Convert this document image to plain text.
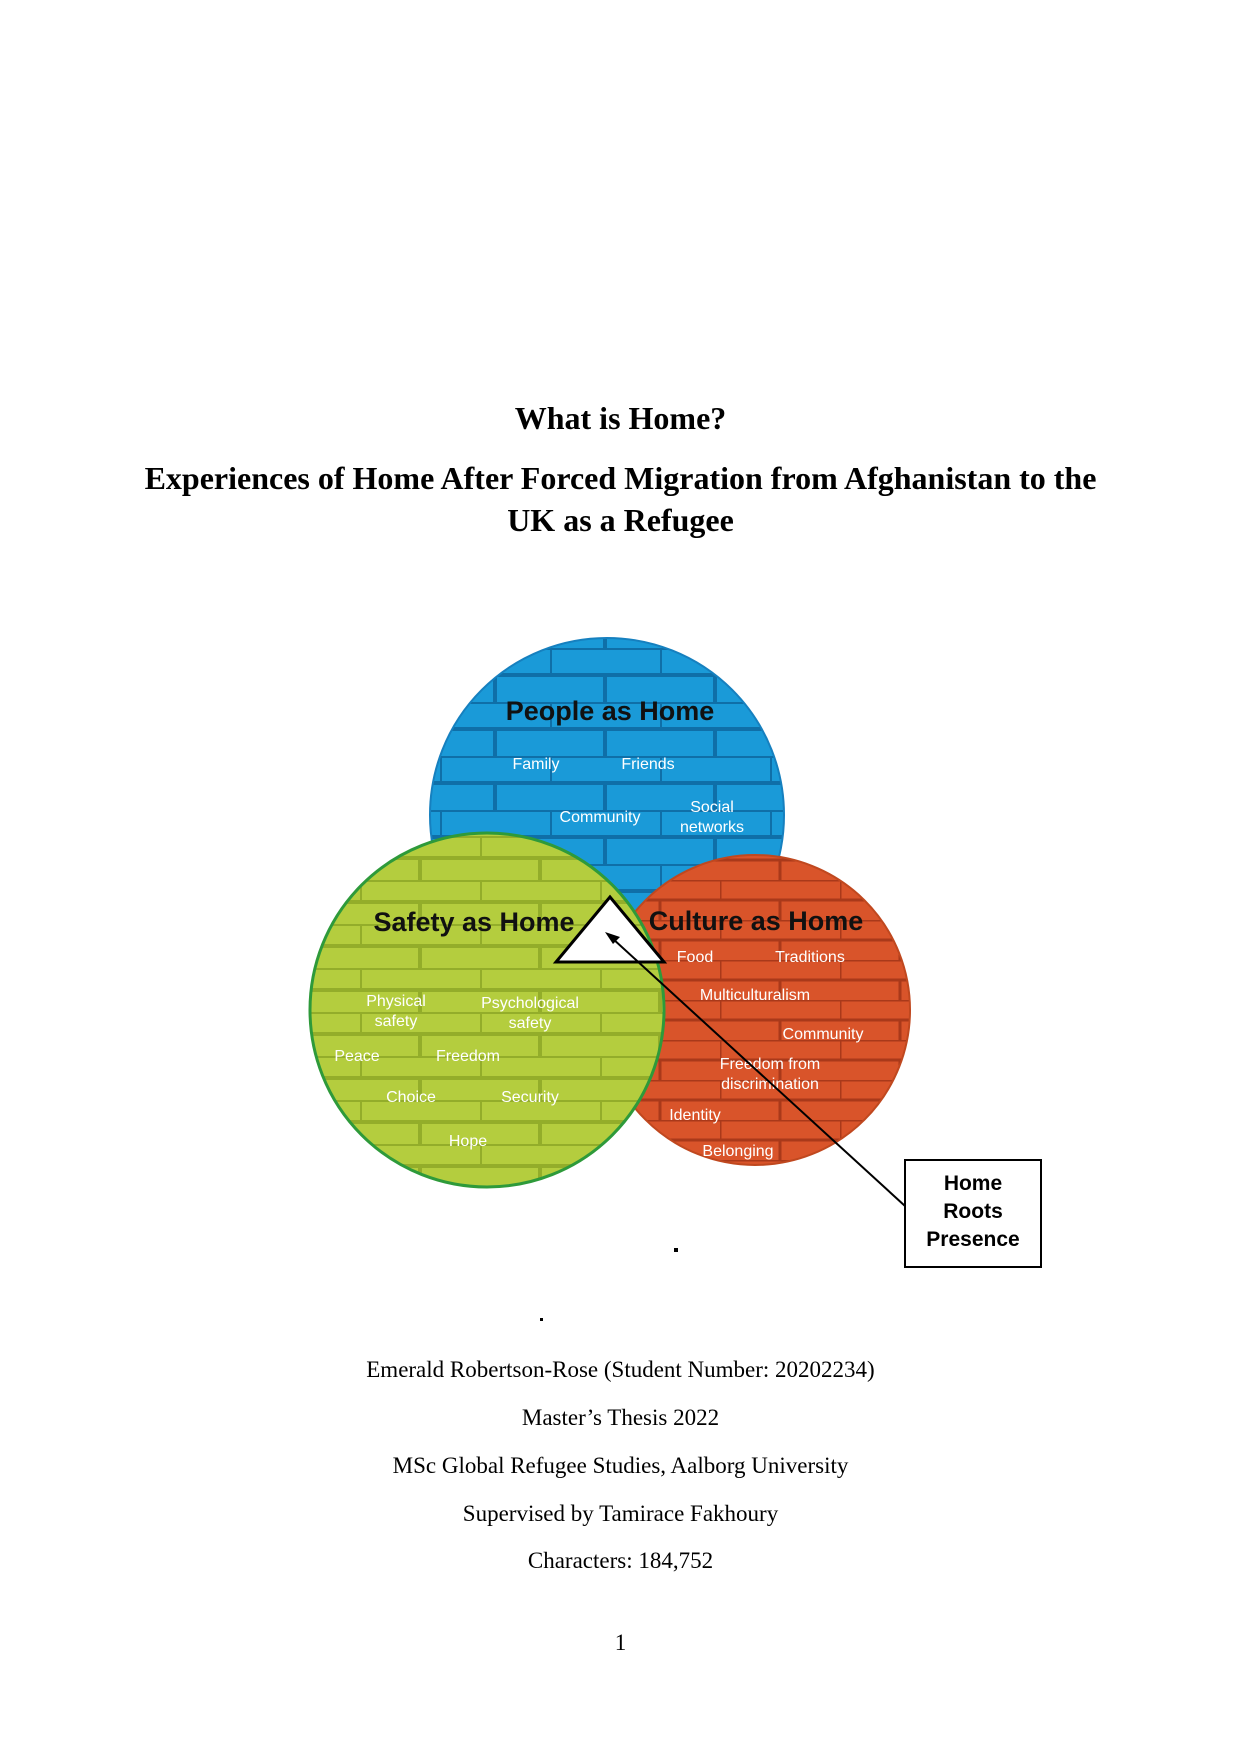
What is Home?
Experiences of Home After Forced Migration from Afghanistan to the UK as a Refugee
People as Home
Family	Friends
Community
Social
networks
Safety as Home
Physical
safety
Psychological
safety
Peace	Freedom
Choice	Security
Hope
Culture as Home
Food	Traditions
Multiculturalism
Community
Freedom from
discrimination
Identity
Belonging
Home
Roots
Presence
Emerald Robertson-Rose (Student Number: 20202234)
Master’s Thesis 2022
MSc Global Refugee Studies, Aalborg University
Supervised by Tamirace Fakhoury
Characters: 184,752
1
